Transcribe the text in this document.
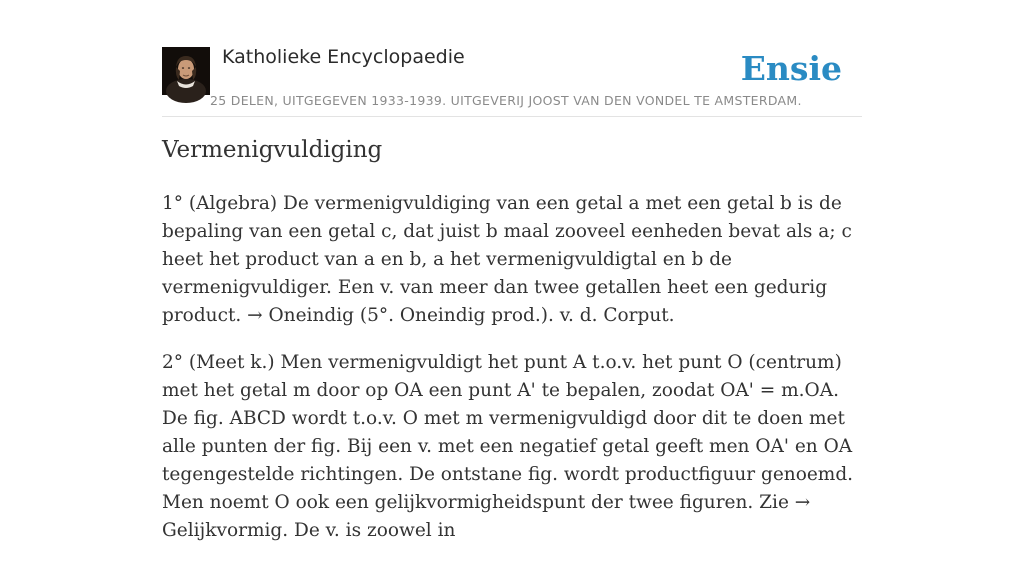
Katholieke Encyclopaedie
25 DELEN, UITGEGEVEN 1933-1939. UITGEVERIJ JOOST VAN DEN VONDEL TE AMSTERDAM.
Ensie
Vermenigvuldiging

1° (Algebra) De vermenigvuldiging van een getal a met een getal b is de bepaling van een getal c, dat juist b maal zooveel eenheden bevat als a; c heet het product van a en b, a het vermenigvuldigtal en b de vermenigvuldiger. Een v. van meer dan twee getallen heet een gedurig product. → Oneindig (5°. Oneindig prod.). v. d. Corput.

2° (Meet k.) Men vermenigvuldigt het punt A t.o.v. het punt O (centrum) met het getal m door op OA een punt A' te bepalen, zoodat OA' = m.OA. De fig. ABCD wordt t.o.v. O met m vermenigvuldigd door dit te doen met alle punten der fig. Bij een v. met een negatief getal geeft men OA' en OA tegengestelde richtingen. De ontstane fig. wordt productfiguur genoemd. Men noemt O ook een gelijkvormigheidspunt der twee figuren. Zie → Gelijkvormig. De v. is zoowel in
